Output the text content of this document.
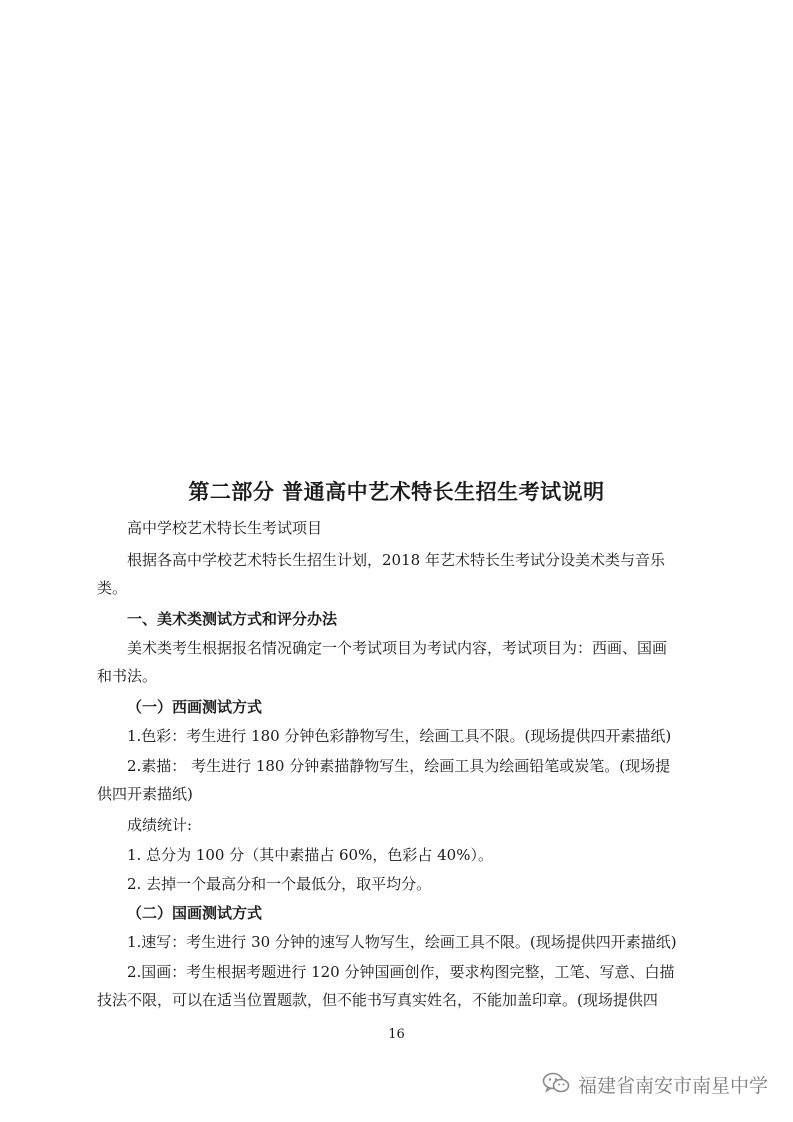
第二部分 普通高中艺术特长生招生考试说明

高中学校艺术特长生考试项目

根据各高中学校艺术特长生招生计划，2018 年艺术特长生考试分设美术类与音乐

类。

一、美术类测试方式和评分办法

美术类考生根据报名情况确定一个考试项目为考试内容，考试项目为：西画、国画

和书法。

（一）西画测试方式

1.色彩：考生进行 180 分钟色彩静物写生，绘画工具不限。(现场提供四开素描纸)

2.素描： 考生进行 180 分钟素描静物写生，绘画工具为绘画铅笔或炭笔。(现场提

供四开素描纸)

成绩统计:

1. 总分为 100 分（其中素描占 60%，色彩占 40%）。

2. 去掉一个最高分和一个最低分，取平均分。

（二）国画测试方式

1.速写：考生进行 30 分钟的速写人物写生，绘画工具不限。(现场提供四开素描纸)

2.国画：考生根据考题进行 120 分钟国画创作，要求构图完整，工笔、写意、白描

技法不限，可以在适当位置题款，但不能书写真实姓名，不能加盖印章。(现场提供四

16
福建省南安市南星中学
